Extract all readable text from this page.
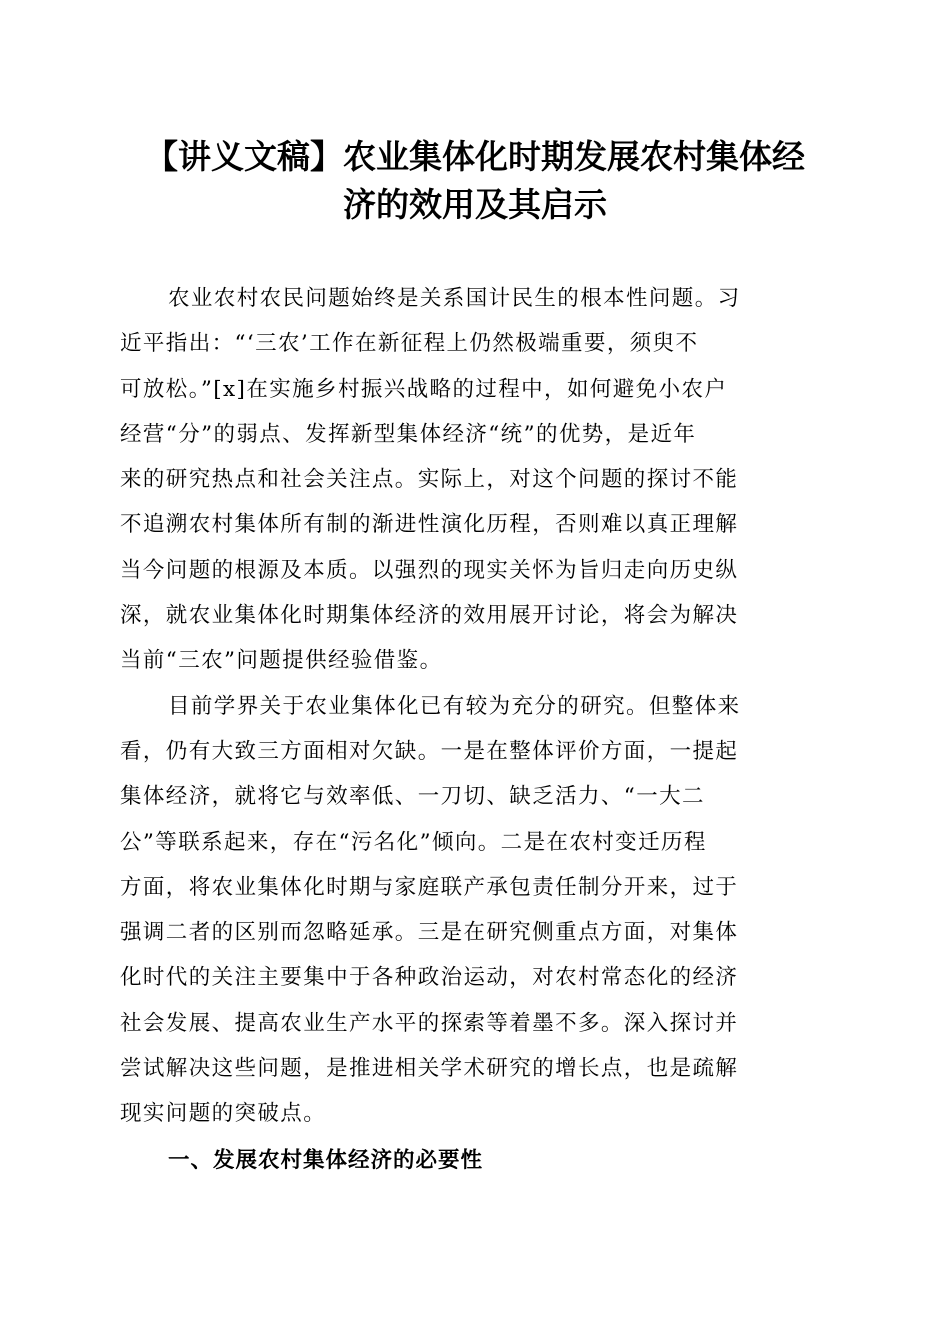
【讲义文稿】农业集体化时期发展农村集体经
济的效用及其启示

农业农村农民问题始终是关系国计民生的根本性问题。习
近平指出：“‘三农’工作在新征程上仍然极端重要，须臾不
可放松。”[x]在实施乡村振兴战略的过程中，如何避免小农户
经营“分”的弱点、发挥新型集体经济“统”的优势，是近年
来的研究热点和社会关注点。实际上，对这个问题的探讨不能
不追溯农村集体所有制的渐进性演化历程，否则难以真正理解
当今问题的根源及本质。以强烈的现实关怀为旨归走向历史纵
深，就农业集体化时期集体经济的效用展开讨论，将会为解决
当前“三农”问题提供经验借鉴。

目前学界关于农业集体化已有较为充分的研究。但整体来
看，仍有大致三方面相对欠缺。一是在整体评价方面，一提起
集体经济，就将它与效率低、一刀切、缺乏活力、“一大二
公”等联系起来，存在“污名化”倾向。二是在农村变迁历程
方面，将农业集体化时期与家庭联产承包责任制分开来，过于
强调二者的区别而忽略延承。三是在研究侧重点方面，对集体
化时代的关注主要集中于各种政治运动，对农村常态化的经济
社会发展、提高农业生产水平的探索等着墨不多。深入探讨并
尝试解决这些问题，是推进相关学术研究的增长点，也是疏解
现实问题的突破点。

一、发展农村集体经济的必要性
